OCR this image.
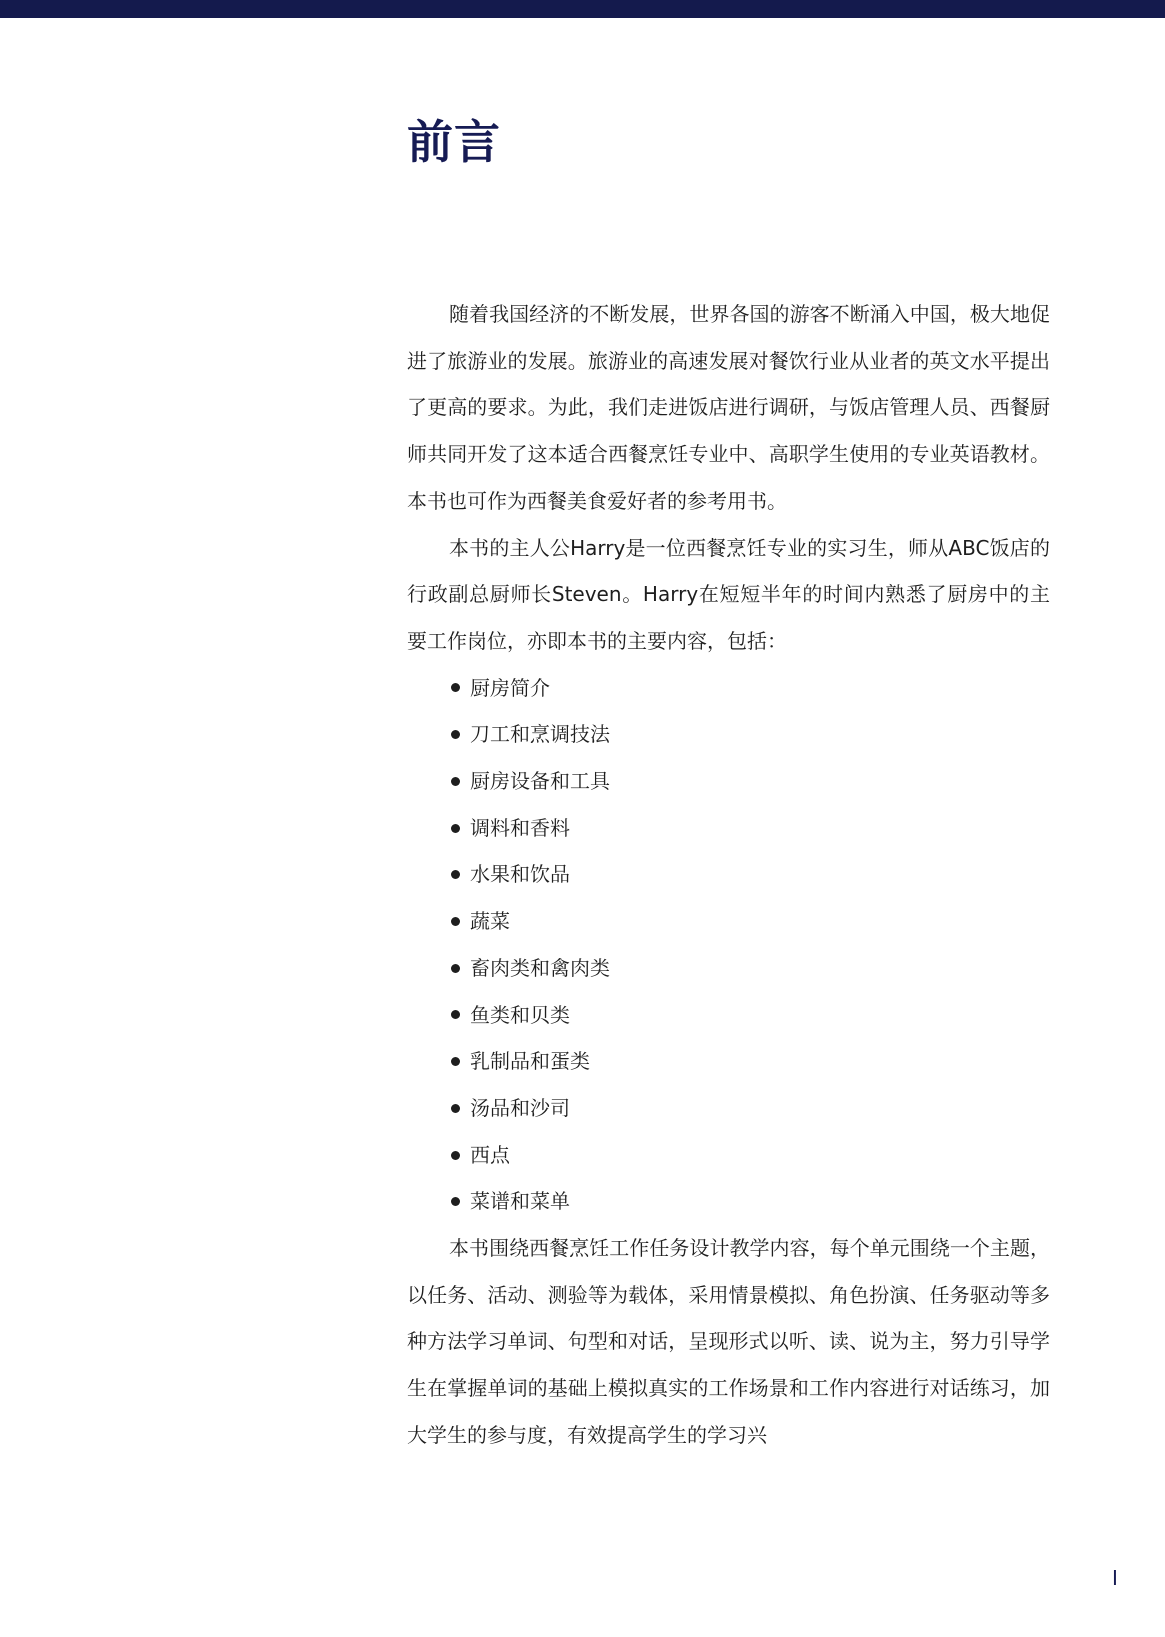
前言

随着我国经济的不断发展，世界各国的游客不断涌入中国，极大地促进了旅游业的发展。旅游业的高速发展对餐饮行业从业者的英文水平提出了更高的要求。为此，我们走进饭店进行调研，与饭店管理人员、西餐厨师共同开发了这本适合西餐烹饪专业中、高职学生使用的专业英语教材。本书也可作为西餐美食爱好者的参考用书。

本书的主人公Harry是一位西餐烹饪专业的实习生，师从ABC饭店的行政副总厨师长Steven。Harry在短短半年的时间内熟悉了厨房中的主要工作岗位，亦即本书的主要内容，包括：

厨房简介
刀工和烹调技法
厨房设备和工具
调料和香料
水果和饮品
蔬菜
畜肉类和禽肉类
鱼类和贝类
乳制品和蛋类
汤品和沙司
西点
菜谱和菜单

本书围绕西餐烹饪工作任务设计教学内容，每个单元围绕一个主题，以任务、活动、测验等为载体，采用情景模拟、角色扮演、任务驱动等多种方法学习单词、句型和对话，呈现形式以听、读、说为主，努力引导学生在掌握单词的基础上模拟真实的工作场景和工作内容进行对话练习，加大学生的参与度，有效提高学生的学习兴

I
